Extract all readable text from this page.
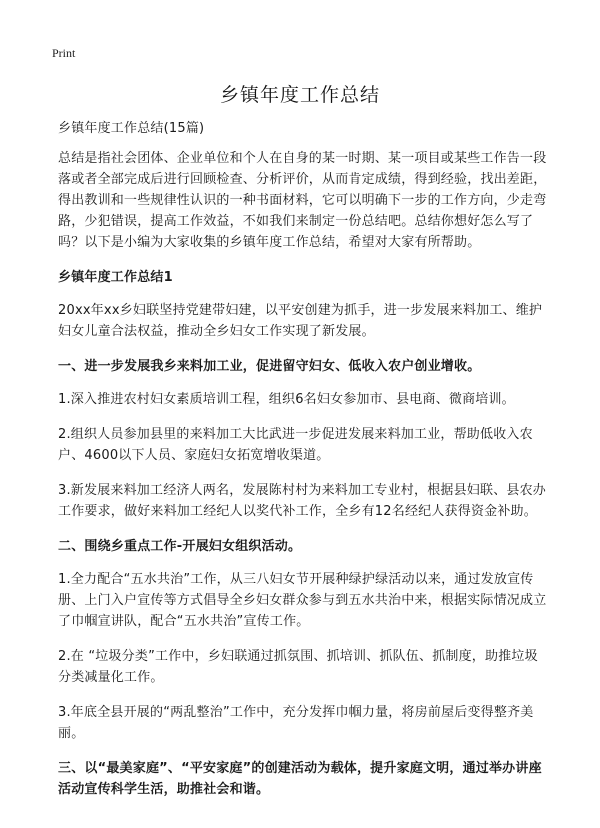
Print
乡镇年度工作总结

乡镇年度工作总结(15篇)

总结是指社会团体、企业单位和个人在自身的某一时期、某一项目或某些工作告一段落或者全部完成后进行回顾检查、分析评价，从而肯定成绩，得到经验，找出差距，得出教训和一些规律性认识的一种书面材料，它可以明确下一步的工作方向，少走弯路，少犯错误，提高工作效益，不如我们来制定一份总结吧。总结你想好怎么写了吗？以下是小编为大家收集的乡镇年度工作总结，希望对大家有所帮助。

乡镇年度工作总结1

20xx年xx乡妇联坚持党建带妇建，以平安创建为抓手，进一步发展来料加工、维护妇女儿童合法权益，推动全乡妇女工作实现了新发展。

一、进一步发展我乡来料加工业，促进留守妇女、低收入农户创业增收。

1.深入推进农村妇女素质培训工程，组织6名妇女参加市、县电商、微商培训。

2.组织人员参加县里的来料加工大比武进一步促进发展来料加工业，帮助低收入农户、4600以下人员、家庭妇女拓宽增收渠道。

3.新发展来料加工经济人两名，发展陈村村为来料加工专业村，根据县妇联、县农办工作要求，做好来料加工经纪人以奖代补工作，全乡有12名经纪人获得资金补助。

二、围绕乡重点工作-开展妇女组织活动。

1.全力配合“五水共治”工作，从三八妇女节开展种绿护绿活动以来，通过发放宣传册、上门入户宣传等方式倡导全乡妇女群众参与到五水共治中来，根据实际情况成立了巾帼宣讲队，配合“五水共治”宣传工作。

2.在 “垃圾分类”工作中，乡妇联通过抓氛围、抓培训、抓队伍、抓制度，助推垃圾分类减量化工作。

3.年底全县开展的“两乱整治”工作中，充分发挥巾帼力量，将房前屋后变得整齐美丽。

三、以“最美家庭”、“平安家庭”的创建活动为载体，提升家庭文明，通过举办讲座活动宣传科学生活，助推社会和谐。
